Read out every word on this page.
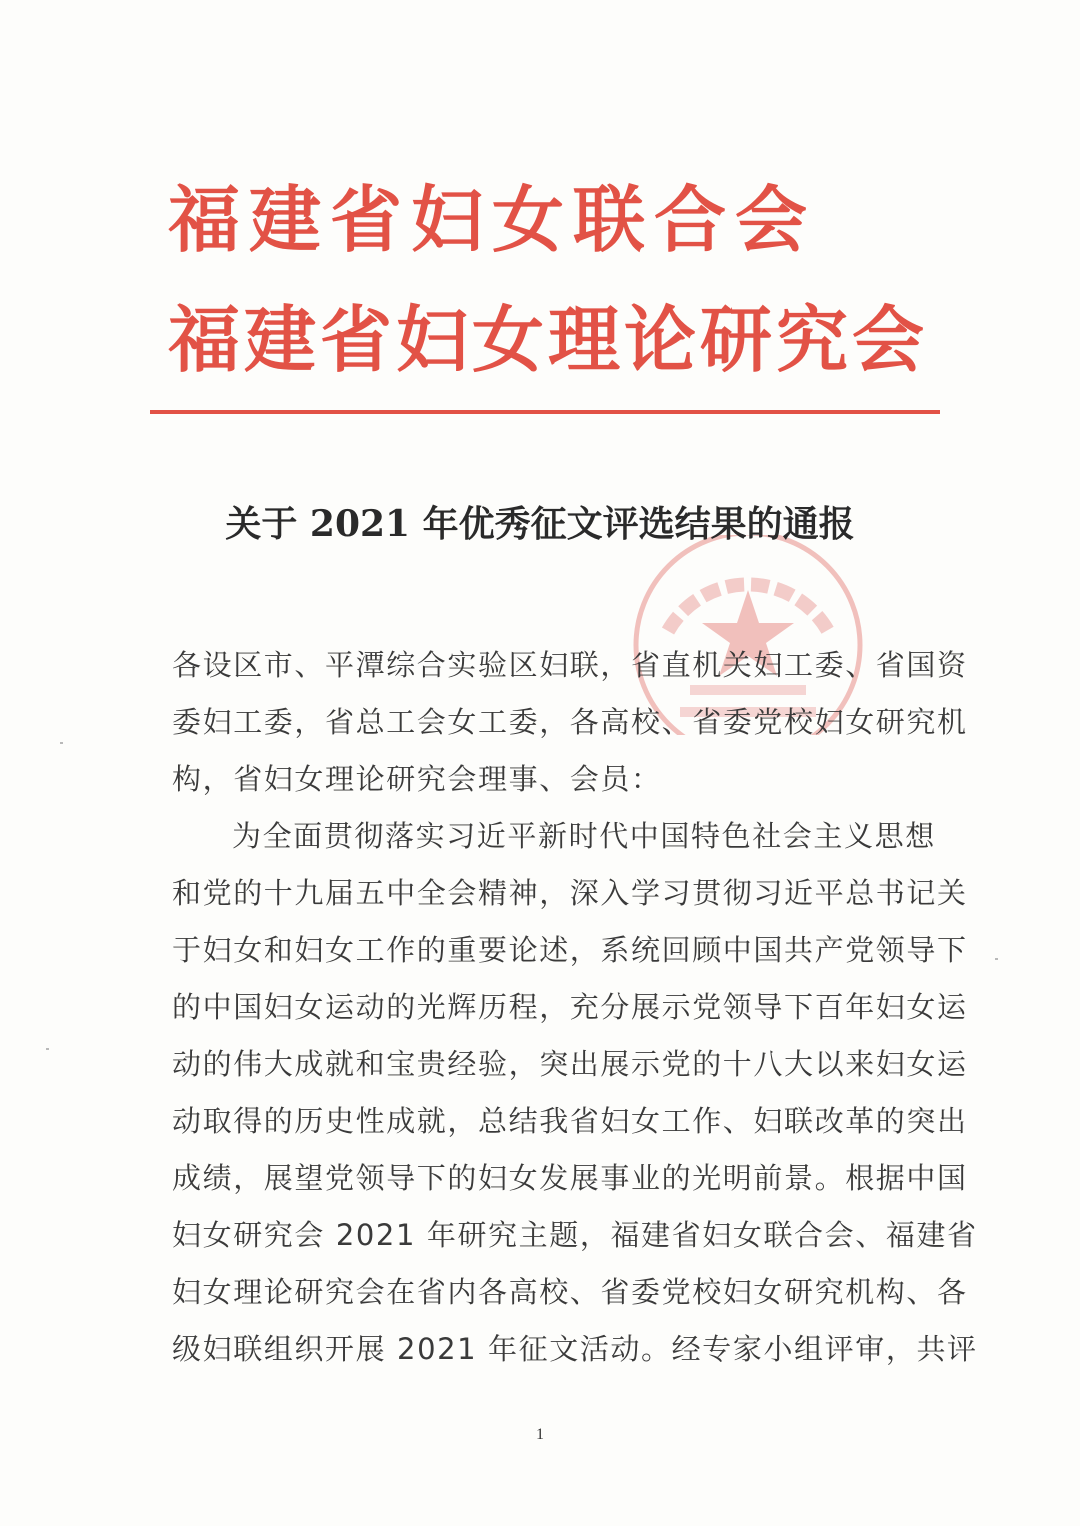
福建省妇女联合会
福建省妇女理论研究会
关于 2021 年优秀征文评选结果的通报
各设区市、平潭综合实验区妇联，省直机关妇工委、省国资
委妇工委，省总工会女工委，各高校、省委党校妇女研究机
构，省妇女理论研究会理事、会员：
为全面贯彻落实习近平新时代中国特色社会主义思想
和党的十九届五中全会精神，深入学习贯彻习近平总书记关
于妇女和妇女工作的重要论述，系统回顾中国共产党领导下
的中国妇女运动的光辉历程，充分展示党领导下百年妇女运
动的伟大成就和宝贵经验，突出展示党的十八大以来妇女运
动取得的历史性成就，总结我省妇女工作、妇联改革的突出
成绩，展望党领导下的妇女发展事业的光明前景。根据中国
妇女研究会 2021 年研究主题，福建省妇女联合会、福建省
妇女理论研究会在省内各高校、省委党校妇女研究机构、各
级妇联组织开展 2021 年征文活动。经专家小组评审，共评
1
